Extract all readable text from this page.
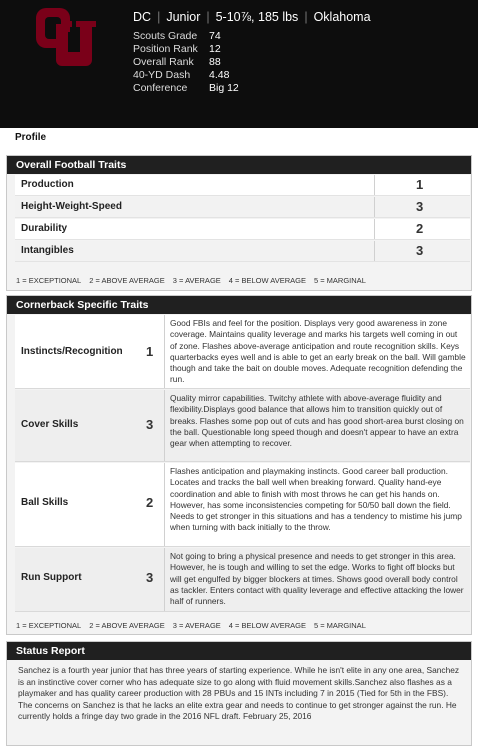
DC | Junior | 5-10⅞, 185 lbs | Oklahoma
Scouts Grade 74
Position Rank 12
Overall Rank 88
40-YD Dash 4.48
Conference Big 12
Profile	Conversation
Overall Football Traits
Production	1
Height-Weight-Speed	3
Durability	2
Intangibles	3
1 = EXCEPTIONAL 2 = ABOVE AVERAGE 3 = AVERAGE 4 = BELOW AVERAGE 5 = MARGINAL
Cornerback Specific Traits
Instincts/Recognition 1
Good FBIs and feel for the position. Displays very good awareness in zone coverage. Maintains quality leverage and marks his targets well coming in out of zone. Flashes above-average anticipation and route recognition skills. Keys quarterbacks eyes well and is able to get an early break on the ball. Will gamble though and take the bait on double moves. Adequate recognition defending the run.
Cover Skills	3
Quality mirror capabilities. Twitchy athlete with above-average fluidity and flexibility.Displays good balance that allows him to transition quickly out of breaks. Flashes some pop out of cuts and has good short-area burst closing on the ball. Questionable long speed though and doesn't appear to have an extra gear when attempting to recover.
Ball Skills	2
Flashes anticipation and playmaking instincts. Good career ball production. Locates and tracks the ball well when breaking forward. Quality hand-eye coordination and able to finish with most throws he can get his hands on. However, has some inconsistencies competing for 50/50 ball down the field. Needs to get stronger in this situations and has a tendency to mistime his jump when turning with back initially to the throw.
Run Support	3
Not going to bring a physical presence and needs to get stronger in this area. However, he is tough and willing to set the edge. Works to fight off blocks but will get engulfed by bigger blockers at times. Shows good overall body control as tackler. Enters contact with quality leverage and effective attacking the lower half of runners.
1 = EXCEPTIONAL 2 = ABOVE AVERAGE 3 = AVERAGE 4 = BELOW AVERAGE 5 = MARGINAL
Status Report
Sanchez is a fourth year junior that has three years of starting experience. While he isn't elite in any one area, Sanchez is an instinctive cover corner who has adequate size to go along with fluid movement skills.Sanchez also flashes as a playmaker and has quality career production with 28 PBUs and 15 INTs including 7 in 2015 (Tied for 5th in the FBS). The concerns on Sanchez is that he lacks an elite extra gear and needs to continue to get stronger against the run. He currently holds a fringe day two grade in the 2016 NFL draft. February 25, 2016
